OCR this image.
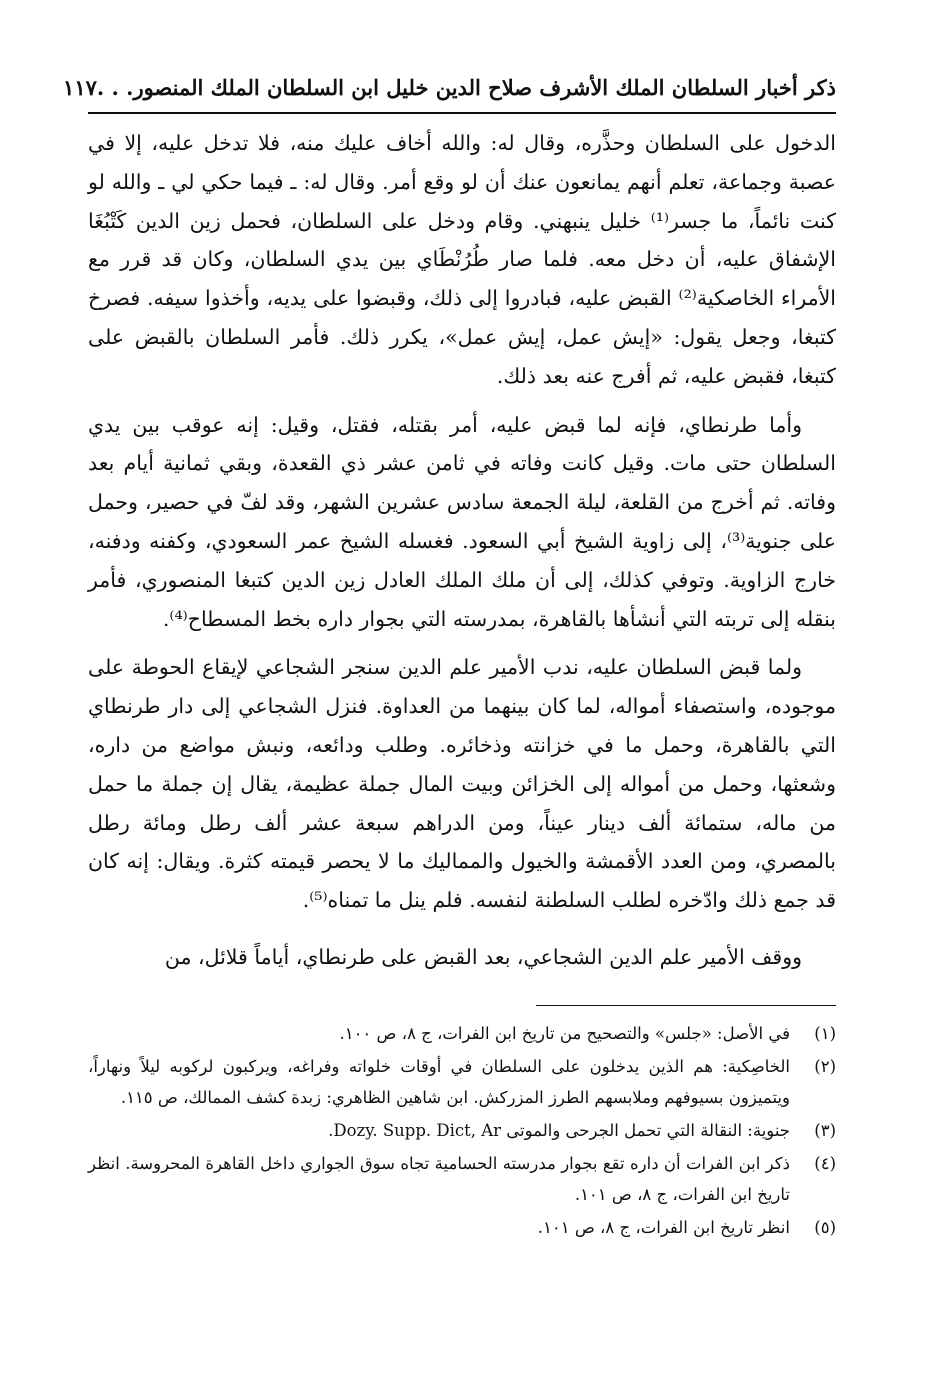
ذكر أخبار السلطان الملك الأشرف صلاح الدين خليل ابن السلطان الملك المنصور. . .
١١٧

الدخول على السلطان وحذَّره، وقال له: والله أخاف عليك منه، فلا تدخل عليه، إلا في عصبة وجماعة، تعلم أنهم يمانعون عنك أن لو وقع أمر. وقال له: ـ فيما حكي لي ـ والله لو كنت نائماً، ما جسر⁽¹⁾ خليل ينبهني. وقام ودخل على السلطان، فحمل زين الدين كَتْبُغَا الإشفاق عليه، أن دخل معه. فلما صار طُرُنْطَاي بين يدي السلطان، وكان قد قرر مع الأمراء الخاصكية⁽²⁾ القبض عليه، فبادروا إلى ذلك، وقبضوا على يديه، وأخذوا سيفه. فصرخ كتبغا، وجعل يقول: «إيش عمل، إيش عمل»، يكرر ذلك. فأمر السلطان بالقبض على كتبغا، فقبض عليه، ثم أفرج عنه بعد ذلك.

وأما طرنطاي، فإنه لما قبض عليه، أمر بقتله، فقتل، وقيل: إنه عوقب بين يدي السلطان حتى مات. وقيل كانت وفاته في ثامن عشر ذي القعدة، وبقي ثمانية أيام بعد وفاته. ثم أخرج من القلعة، ليلة الجمعة سادس عشرين الشهر، وقد لفّ في حصير، وحمل على جنوية⁽³⁾، إلى زاوية الشيخ أبي السعود. فغسله الشيخ عمر السعودي، وكفنه ودفنه، خارج الزاوية. وتوفي كذلك، إلى أن ملك الملك العادل زين الدين كتبغا المنصوري، فأمر بنقله إلى تربته التي أنشأها بالقاهرة، بمدرسته التي بجوار داره بخط المسطاح⁽⁴⁾.

ولما قبض السلطان عليه، ندب الأمير علم الدين سنجر الشجاعي لإيقاع الحوطة على موجوده، واستصفاء أمواله، لما كان بينهما من العداوة. فنزل الشجاعي إلى دار طرنطاي التي بالقاهرة، وحمل ما في خزانته وذخائره. وطلب ودائعه، ونبش مواضع من داره، وشعثها، وحمل من أمواله إلى الخزائن وبيت المال جملة عظيمة، يقال إن جملة ما حمل من ماله، ستمائة ألف دينار عيناً، ومن الدراهم سبعة عشر ألف رطل ومائة رطل بالمصري، ومن العدد الأقمشة والخيول والمماليك ما لا يحصر قيمته كثرة. ويقال: إنه كان قد جمع ذلك وادّخره لطلب السلطنة لنفسه. فلم ينل ما تمناه⁽⁵⁾.

ووقف الأمير علم الدين الشجاعي، بعد القبض على طرنطاي، أياماً قلائل، من

(١)
في الأصل: «جلس» والتصحيح من تاريخ ابن الفرات، ج ٨، ص ١٠٠.
(٢)
الخاصِكية: هم الذين يدخلون على السلطان في أوقات خلواته وفراغه، ويركبون لركوبه ليلاً ونهاراً، ويتميزون بسيوفهم وملابسهم الطرز المزركش. ابن شاهين الظاهري: زبدة كشف الممالك، ص ١١٥.
(٣)
جنوية: النقالة التي تحمل الجرحى والموتى Dozy. Supp. Dict, Ar.
(٤)
ذكر ابن الفرات أن داره تقع بجوار مدرسته الحسامية تجاه سوق الجواري داخل القاهرة المحروسة. انظر تاريخ ابن الفرات، ج ٨، ص ١٠١.
(٥)
انظر تاريخ ابن الفرات، ج ٨، ص ١٠١.
